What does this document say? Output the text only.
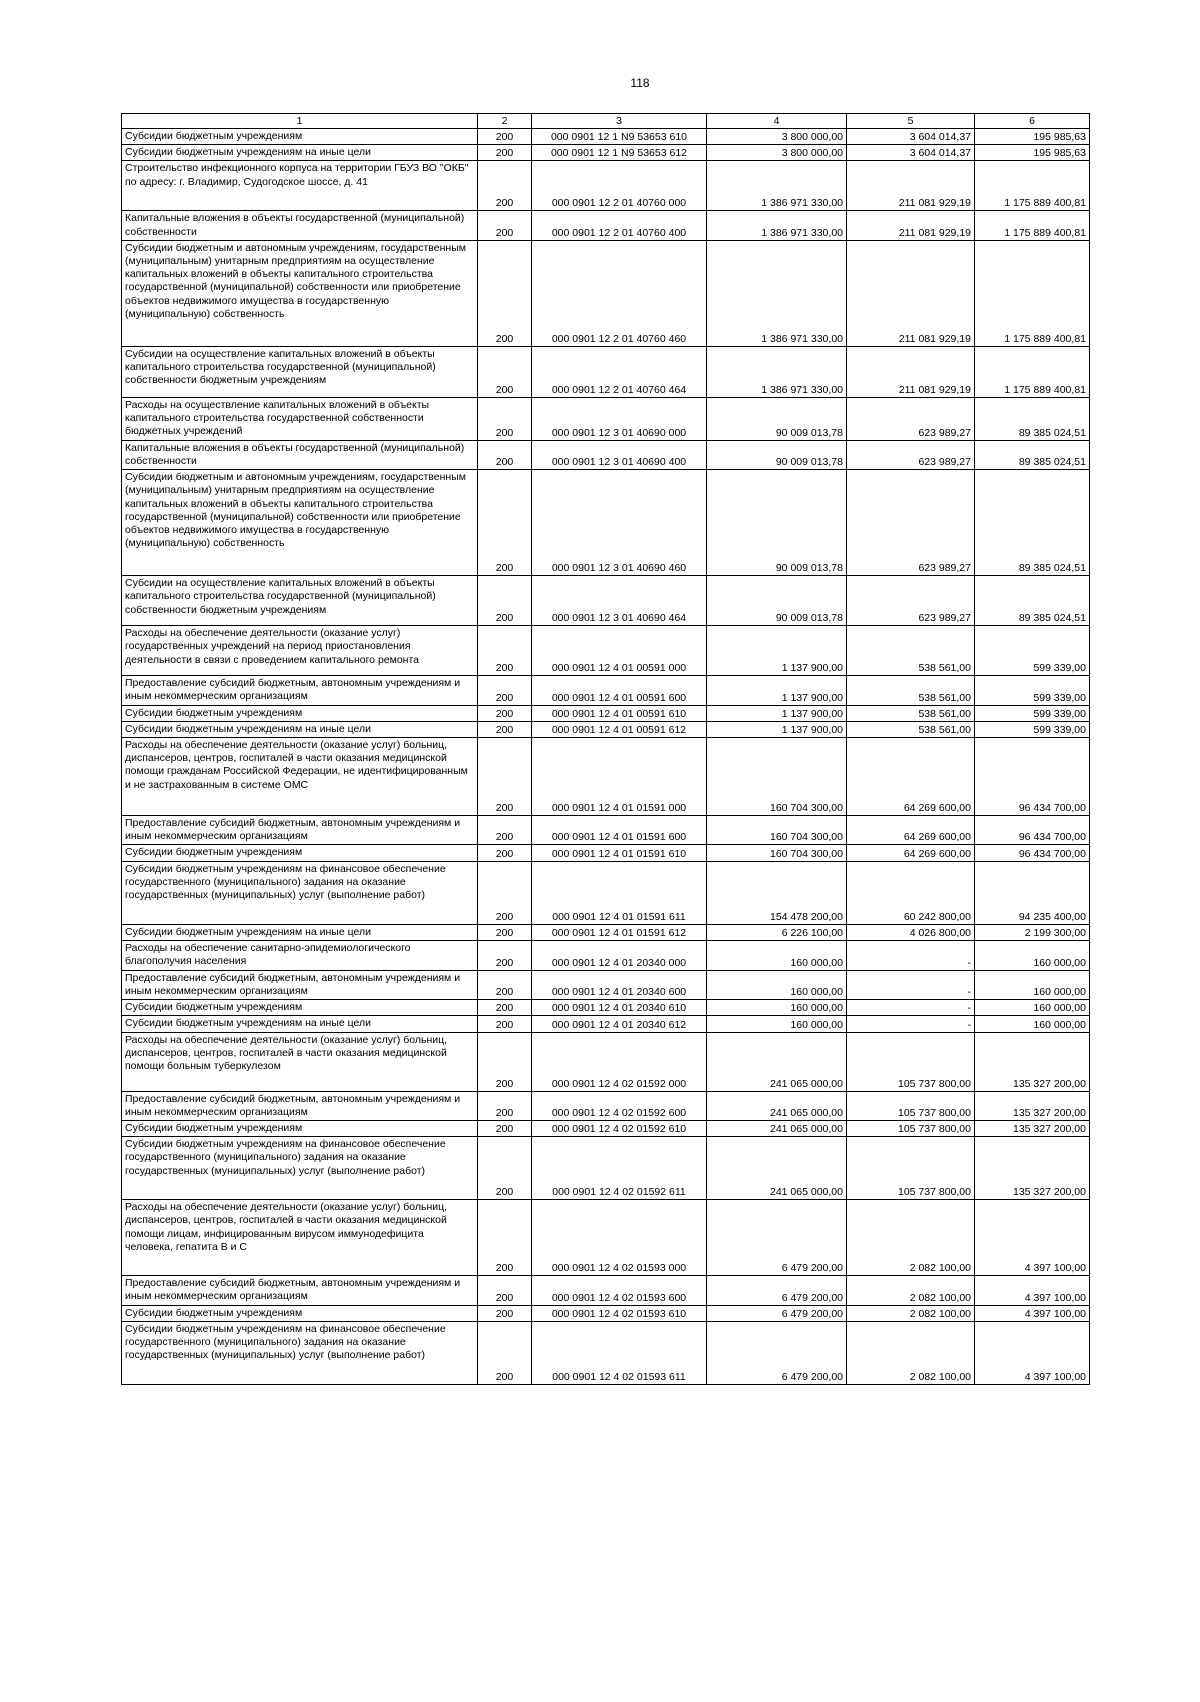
118
1	2	3	4	5	6
Субсидии бюджетным учреждениям	200	000 0901 12 1 N9 53653 610	3 800 000,00	3 604 014,37	195 985,63
Субсидии бюджетным учреждениям на иные цели	200	000 0901 12 1 N9 53653 612	3 800 000,00	3 604 014,37	195 985,63
Строительство инфекционного корпуса на территории ГБУЗ ВО "ОКБ" по адресу: г. Владимир, Судогодское шоссе, д. 41	200	000 0901 12 2 01 40760 000	1 386 971 330,00	211 081 929,19	1 175 889 400,81
Капитальные вложения в объекты государственной (муниципальной) собственности	200	000 0901 12 2 01 40760 400	1 386 971 330,00	211 081 929,19	1 175 889 400,81
Субсидии бюджетным и автономным учреждениям, государственным (муниципальным) унитарным предприятиям на осуществление капитальных вложений в объекты капитального строительства государственной (муниципальной) собственности или приобретение объектов недвижимого имущества в государственную (муниципальную) собственность	200	000 0901 12 2 01 40760 460	1 386 971 330,00	211 081 929,19	1 175 889 400,81
Субсидии на осуществление капитальных вложений в объекты капитального строительства государственной (муниципальной) собственности бюджетным учреждениям	200	000 0901 12 2 01 40760 464	1 386 971 330,00	211 081 929,19	1 175 889 400,81
Расходы на осуществление капитальных вложений в объекты капитального строительства государственной собственности бюджетных учреждений	200	000 0901 12 3 01 40690 000	90 009 013,78	623 989,27	89 385 024,51
Капитальные вложения в объекты государственной (муниципальной) собственности	200	000 0901 12 3 01 40690 400	90 009 013,78	623 989,27	89 385 024,51
Субсидии бюджетным и автономным учреждениям, государственным (муниципальным) унитарным предприятиям на осуществление капитальных вложений в объекты капитального строительства государственной (муниципальной) собственности или приобретение объектов недвижимого имущества в государственную (муниципальную) собственность	200	000 0901 12 3 01 40690 460	90 009 013,78	623 989,27	89 385 024,51
Субсидии на осуществление капитальных вложений в объекты капитального строительства государственной (муниципальной) собственности бюджетным учреждениям	200	000 0901 12 3 01 40690 464	90 009 013,78	623 989,27	89 385 024,51
Расходы на обеспечение деятельности (оказание услуг) государственных учреждений на период приостановления деятельности в связи с проведением капитального ремонта	200	000 0901 12 4 01 00591 000	1 137 900,00	538 561,00	599 339,00
Предоставление субсидий бюджетным, автономным учреждениям и иным некоммерческим организациям	200	000 0901 12 4 01 00591 600	1 137 900,00	538 561,00	599 339,00
Субсидии бюджетным учреждениям	200	000 0901 12 4 01 00591 610	1 137 900,00	538 561,00	599 339,00
Субсидии бюджетным учреждениям на иные цели	200	000 0901 12 4 01 00591 612	1 137 900,00	538 561,00	599 339,00
Расходы на обеспечение деятельности (оказание услуг) больниц, диспансеров, центров, госпиталей в части оказания медицинской помощи гражданам Российской Федерации, не идентифицированным и не застрахованным в системе ОМС	200	000 0901 12 4 01 01591 000	160 704 300,00	64 269 600,00	96 434 700,00
Предоставление субсидий бюджетным, автономным учреждениям и иным некоммерческим организациям	200	000 0901 12 4 01 01591 600	160 704 300,00	64 269 600,00	96 434 700,00
Субсидии бюджетным учреждениям	200	000 0901 12 4 01 01591 610	160 704 300,00	64 269 600,00	96 434 700,00
Субсидии бюджетным учреждениям на финансовое обеспечение государственного (муниципального) задания на оказание государственных (муниципальных) услуг (выполнение работ)	200	000 0901 12 4 01 01591 611	154 478 200,00	60 242 800,00	94 235 400,00
Субсидии бюджетным учреждениям на иные цели	200	000 0901 12 4 01 01591 612	6 226 100,00	4 026 800,00	2 199 300,00
Расходы на обеспечение санитарно-эпидемиологического благополучия населения	200	000 0901 12 4 01 20340 000	160 000,00	-	160 000,00
Предоставление субсидий бюджетным, автономным учреждениям и иным некоммерческим организациям	200	000 0901 12 4 01 20340 600	160 000,00	-	160 000,00
Субсидии бюджетным учреждениям	200	000 0901 12 4 01 20340 610	160 000,00	-	160 000,00
Субсидии бюджетным учреждениям на иные цели	200	000 0901 12 4 01 20340 612	160 000,00	-	160 000,00
Расходы на обеспечение деятельности (оказание услуг) больниц, диспансеров, центров, госпиталей в части оказания медицинской помощи больным туберкулезом	200	000 0901 12 4 02 01592 000	241 065 000,00	105 737 800,00	135 327 200,00
Предоставление субсидий бюджетным, автономным учреждениям и иным некоммерческим организациям	200	000 0901 12 4 02 01592 600	241 065 000,00	105 737 800,00	135 327 200,00
Субсидии бюджетным учреждениям	200	000 0901 12 4 02 01592 610	241 065 000,00	105 737 800,00	135 327 200,00
Субсидии бюджетным учреждениям на финансовое обеспечение государственного (муниципального) задания на оказание государственных (муниципальных) услуг (выполнение работ)	200	000 0901 12 4 02 01592 611	241 065 000,00	105 737 800,00	135 327 200,00
Расходы на обеспечение деятельности (оказание услуг) больниц, диспансеров, центров, госпиталей в части оказания медицинской помощи лицам, инфицированным вирусом иммунодефицита человека, гепатита В и С	200	000 0901 12 4 02 01593 000	6 479 200,00	2 082 100,00	4 397 100,00
Предоставление субсидий бюджетным, автономным учреждениям и иным некоммерческим организациям	200	000 0901 12 4 02 01593 600	6 479 200,00	2 082 100,00	4 397 100,00
Субсидии бюджетным учреждениям	200	000 0901 12 4 02 01593 610	6 479 200,00	2 082 100,00	4 397 100,00
Субсидии бюджетным учреждениям на финансовое обеспечение государственного (муниципального) задания на оказание государственных (муниципальных) услуг (выполнение работ)	200	000 0901 12 4 02 01593 611	6 479 200,00	2 082 100,00	4 397 100,00
